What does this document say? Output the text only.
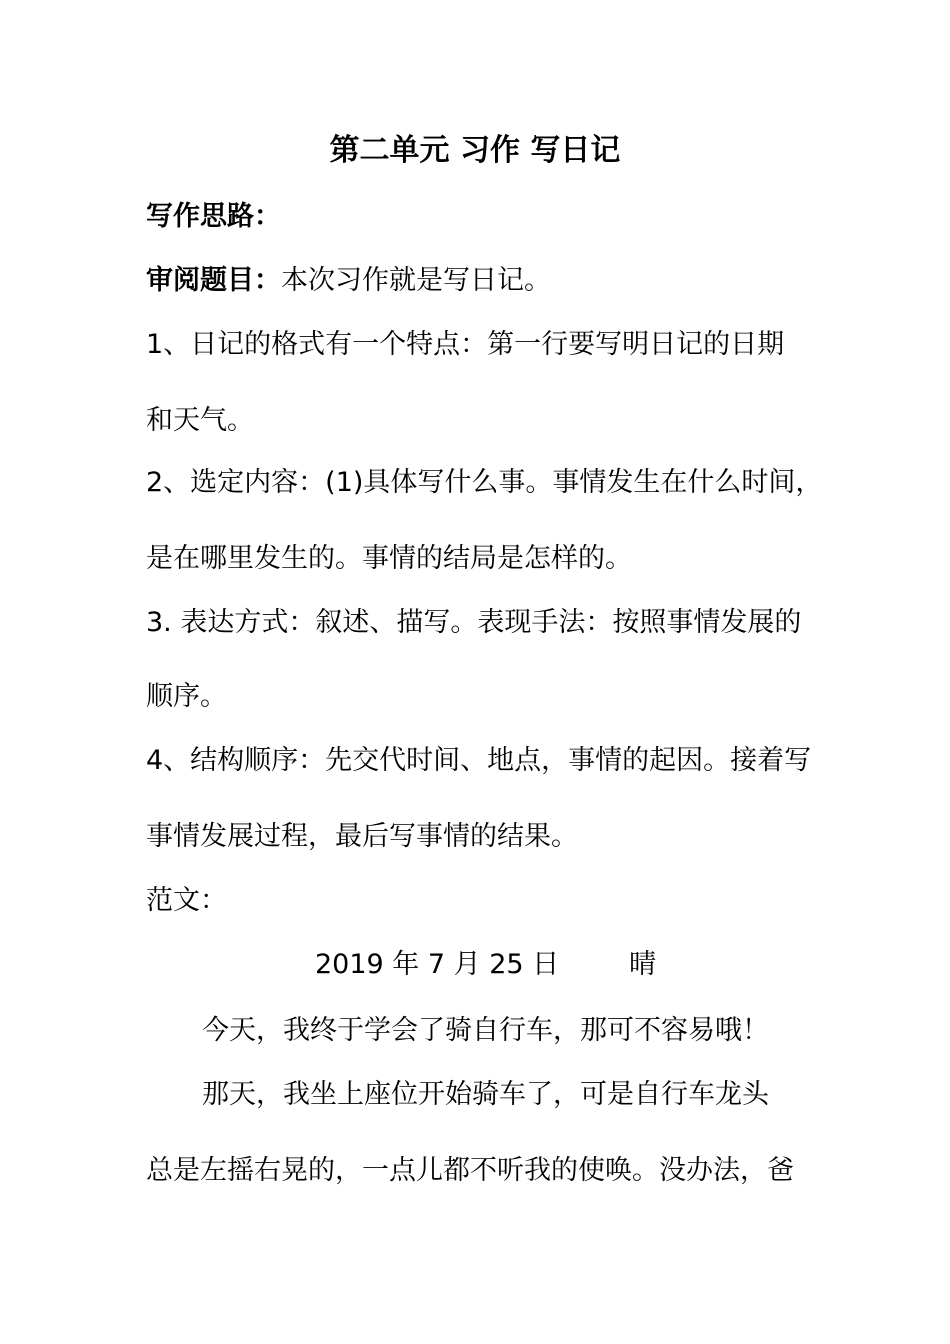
第二单元 习作 写日记
写作思路：
审阅题目：本次习作就是写日记。
1、日记的格式有一个特点：第一行要写明日记的日期
和天气。
2、选定内容：(1)具体写什么事。事情发生在什么时间，
是在哪里发生的。事情的结局是怎样的。
3. 表达方式：叙述、描写。表现手法：按照事情发展的
顺序。
4、结构顺序：先交代时间、地点，事情的起因。接着写
事情发展过程，最后写事情的结果。
范文：
2019 年 7 月 25 日	晴
今天，我终于学会了骑自行车，那可不容易哦！
那天，我坐上座位开始骑车了，可是自行车龙头
总是左摇右晃的，一点儿都不听我的使唤。没办法，爸
